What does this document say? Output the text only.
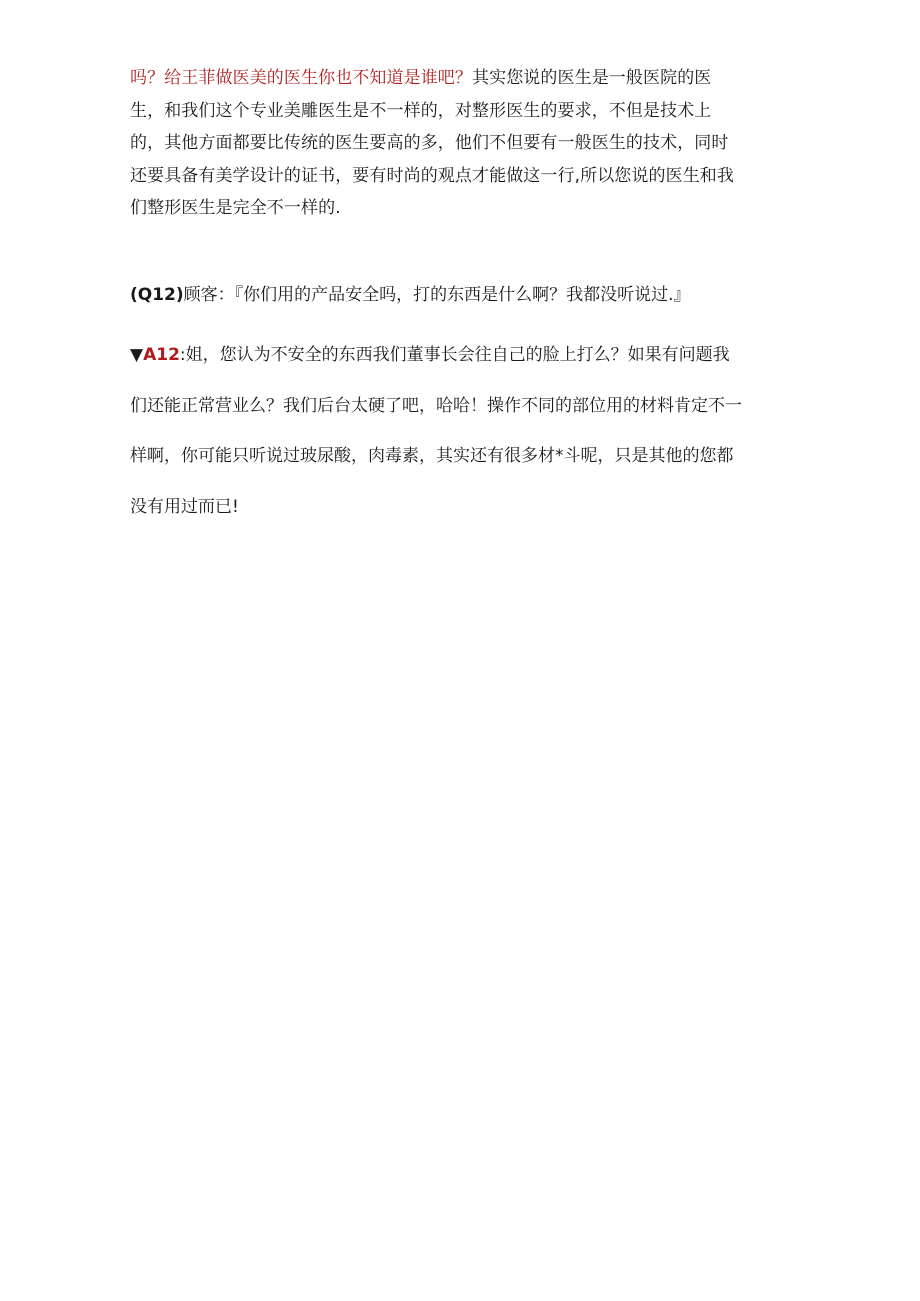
吗？给王菲做医美的医生你也不知道是谁吧？其实您说的医生是一般医院的医
生，和我们这个专业美雕医生是不一样的，对整形医生的要求，不但是技术上
的，其他方面都要比传统的医生要高的多，他们不但要有一般医生的技术，同时
还要具备有美学设计的证书，要有时尚的观点才能做这一行,所以您说的医生和我
们整形医生是完全不一样的.
(Q12)顾客：『你们用的产品安全吗，打的东西是什么啊？我都没听说过.』
▼A12:姐，您认为不安全的东西我们董事长会往自己的脸上打么？如果有问题我
们还能正常营业么？我们后台太硬了吧，哈哈！操作不同的部位用的材料肯定不一
样啊，你可能只听说过玻尿酸，肉毒素，其实还有很多材*斗呢，只是其他的您都
没有用过而已!
